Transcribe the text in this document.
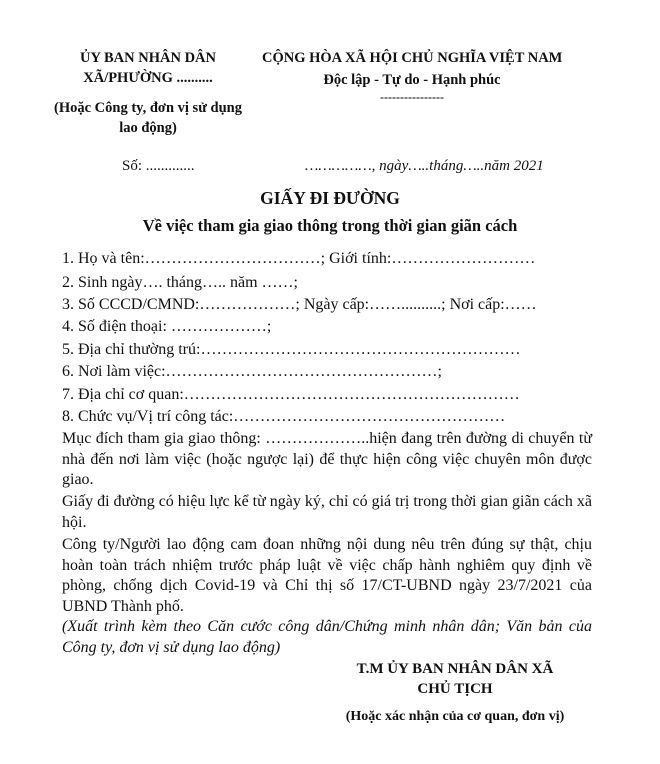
ỦY BAN NHÂN DÂN
XÃ/PHƯỜNG ..........
(Hoặc Công ty, đơn vị sử dụng
lao động)
CỘNG HÒA XÃ HỘI CHỦ NGHĨA VIỆT NAM
Độc lập - Tự do - Hạnh phúc
----------------
Số: .............	……………, ngày…..tháng…..năm 2021
GIẤY ĐI ĐƯỜNG
Về việc tham gia giao thông trong thời gian giãn cách
1. Họ và tên:……………………………; Giới tính:………………………
2. Sinh ngày…. tháng….. năm ……;
3. Số CCCD/CMND:………………; Ngày cấp:……..........; Nơi cấp:……
4. Số điện thoại: ………………;
5. Địa chỉ thường trú:……………………………………………………
6. Nơi làm việc:……………………………………………;
7. Địa chỉ cơ quan:………………………………………………………
8. Chức vụ/Vị trí công tác:……………………………………………
Mục đích tham gia giao thông: ………………..hiện đang trên đường di chuyển từ nhà đến nơi làm việc (hoặc ngược lại) để thực hiện công việc chuyên môn được giao.
Giấy đi đường có hiệu lực kể từ ngày ký, chỉ có giá trị trong thời gian giãn cách xã hội.
Công ty/Người lao động cam đoan những nội dung nêu trên đúng sự thật, chịu hoàn toàn trách nhiệm trước pháp luật về việc chấp hành nghiêm quy định về phòng, chống dịch Covid-19 và Chỉ thị số 17/CT-UBND ngày 23/7/2021 của UBND Thành phố.
(Xuất trình kèm theo Căn cước công dân/Chứng minh nhân dân; Văn bản của Công ty, đơn vị sử dụng lao động)
T.M ỦY BAN NHÂN DÂN XÃ
CHỦ TỊCH
(Hoặc xác nhận của cơ quan, đơn vị)
